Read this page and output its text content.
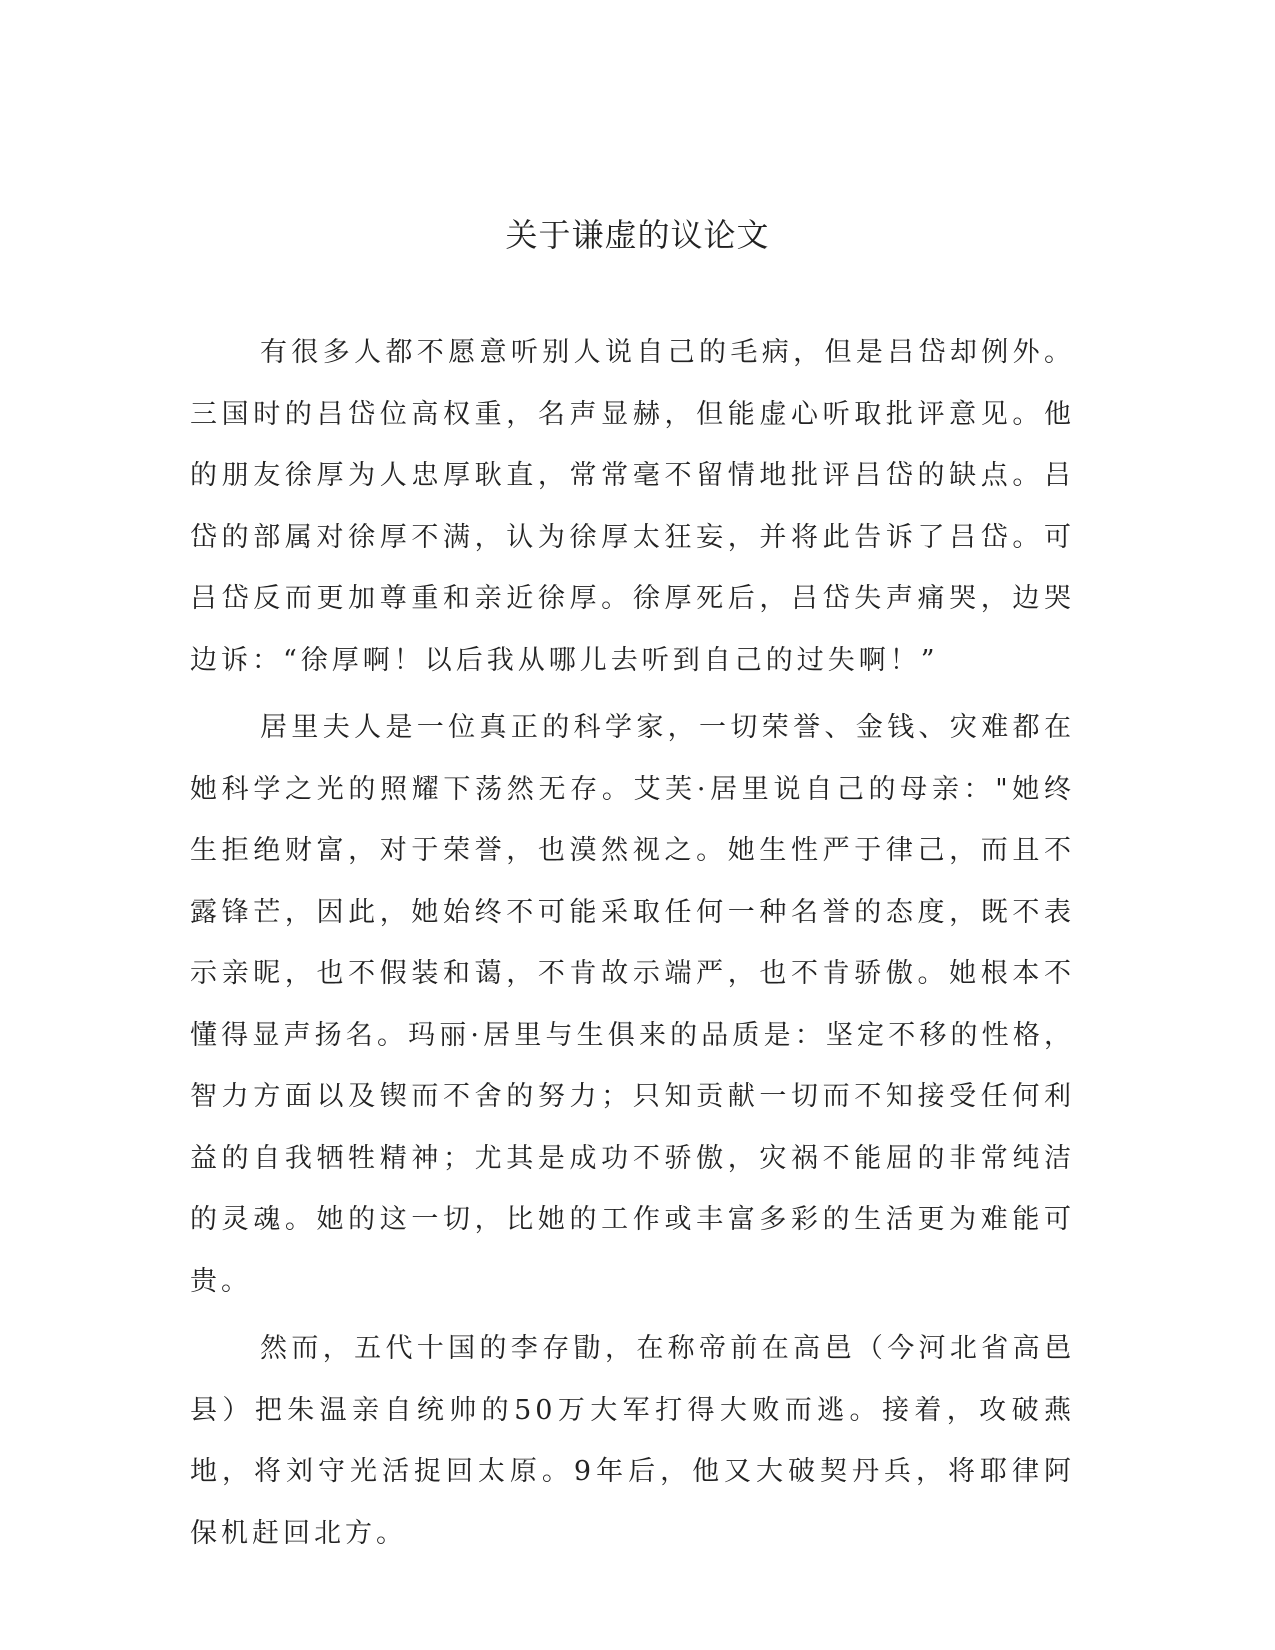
关于谦虚的议论文

有很多人都不愿意听别人说自己的毛病，但是吕岱却例外。三国时的吕岱位高权重，名声显赫，但能虚心听取批评意见。他的朋友徐厚为人忠厚耿直，常常毫不留情地批评吕岱的缺点。吕岱的部属对徐厚不满，认为徐厚太狂妄，并将此告诉了吕岱。可吕岱反而更加尊重和亲近徐厚。徐厚死后，吕岱失声痛哭，边哭边诉：“徐厚啊！以后我从哪儿去听到自己的过失啊！”

居里夫人是一位真正的科学家，一切荣誉、金钱、灾难都在她科学之光的照耀下荡然无存。艾芙·居里说自己的母亲："她终生拒绝财富，对于荣誉，也漠然视之。她生性严于律己，而且不露锋芒，因此，她始终不可能采取任何一种名誉的态度，既不表示亲昵，也不假装和蔼，不肯故示端严，也不肯骄傲。她根本不懂得显声扬名。玛丽·居里与生俱来的品质是：坚定不移的性格，智力方面以及锲而不舍的努力；只知贡献一切而不知接受任何利益的自我牺牲精神；尤其是成功不骄傲，灾祸不能屈的非常纯洁的灵魂。她的这一切，比她的工作或丰富多彩的生活更为难能可贵。

然而，五代十国的李存勖，在称帝前在高邑（今河北省高邑县）把朱温亲自统帅的50万大军打得大败而逃。接着，攻破燕地，将刘守光活捉回太原。9年后，他又大破契丹兵，将耶律阿保机赶回北方。
